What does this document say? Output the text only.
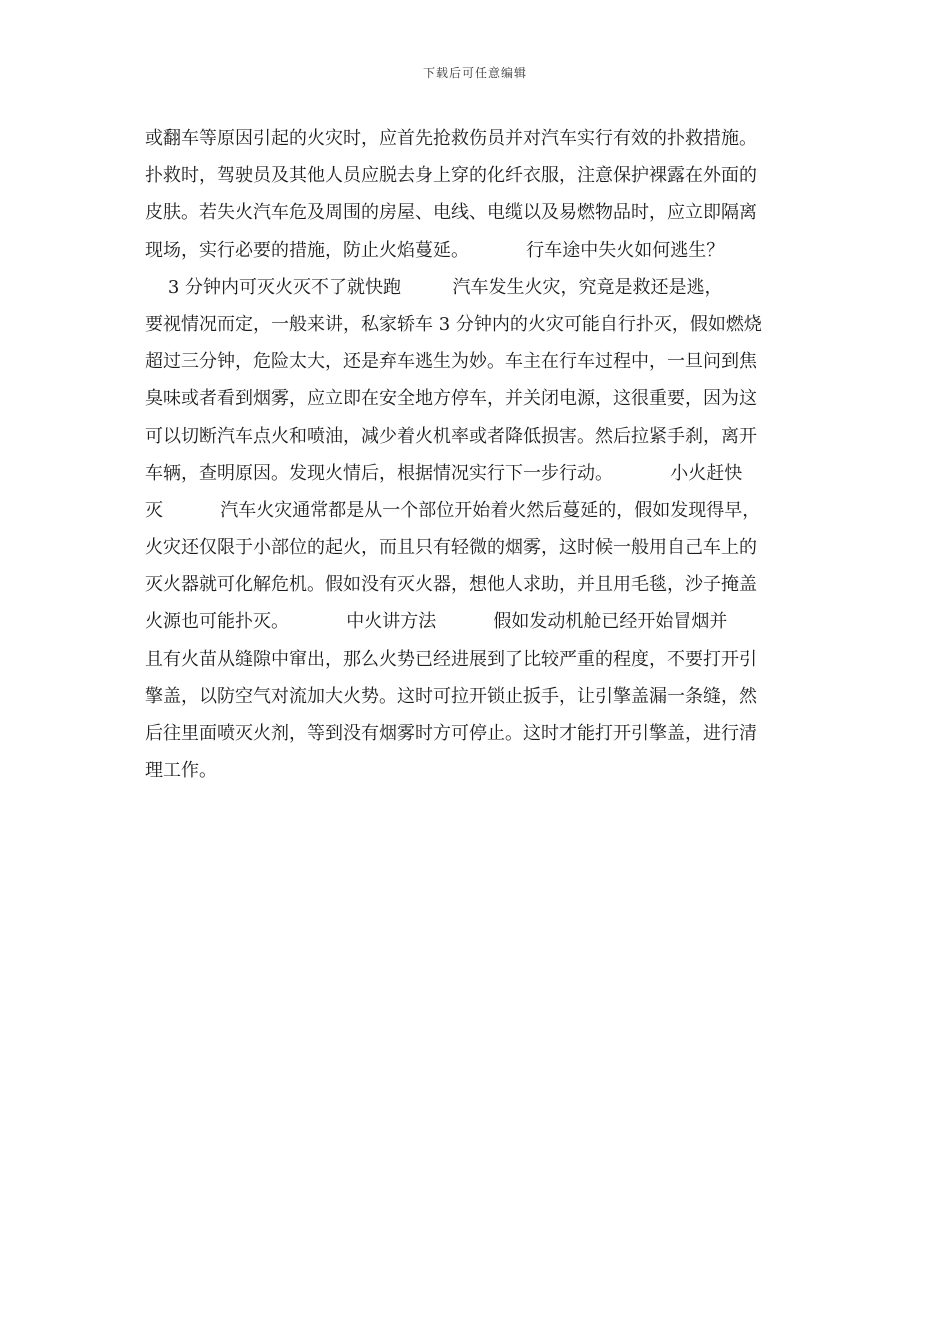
下载后可任意编辑
或翻车等原因引起的火灾时，应首先抢救伤员并对汽车实行有效的扑救措施。
扑救时，驾驶员及其他人员应脱去身上穿的化纤衣服，注意保护裸露在外面的
皮肤。若失火汽车危及周围的房屋、电线、电缆以及易燃物品时，应立即隔离
现场，实行必要的措施，防止火焰蔓延。          行车途中失火如何逃生？
3 分钟内可灭火灭不了就快跑         汽车发生火灾，究竟是救还是逃，
要视情况而定，一般来讲，私家轿车 3 分钟内的火灾可能自行扑灭，假如燃烧
超过三分钟，危险太大，还是弃车逃生为妙。车主在行车过程中，一旦问到焦
臭味或者看到烟雾，应立即在安全地方停车，并关闭电源，这很重要，因为这
可以切断汽车点火和喷油，减少着火机率或者降低损害。然后拉紧手刹，离开
车辆，查明原因。发现火情后，根据情况实行下一步行动。          小火赶快
灭          汽车火灾通常都是从一个部位开始着火然后蔓延的，假如发现得早，
火灾还仅限于小部位的起火，而且只有轻微的烟雾，这时候一般用自己车上的
灭火器就可化解危机。假如没有灭火器，想他人求助，并且用毛毯，沙子掩盖
火源也可能扑灭。          中火讲方法          假如发动机舱已经开始冒烟并
且有火苗从缝隙中窜出，那么火势已经进展到了比较严重的程度，不要打开引
擎盖，以防空气对流加大火势。这时可拉开锁止扳手，让引擎盖漏一条缝，然
后往里面喷灭火剂，等到没有烟雾时方可停止。这时才能打开引擎盖，进行清
理工作。
